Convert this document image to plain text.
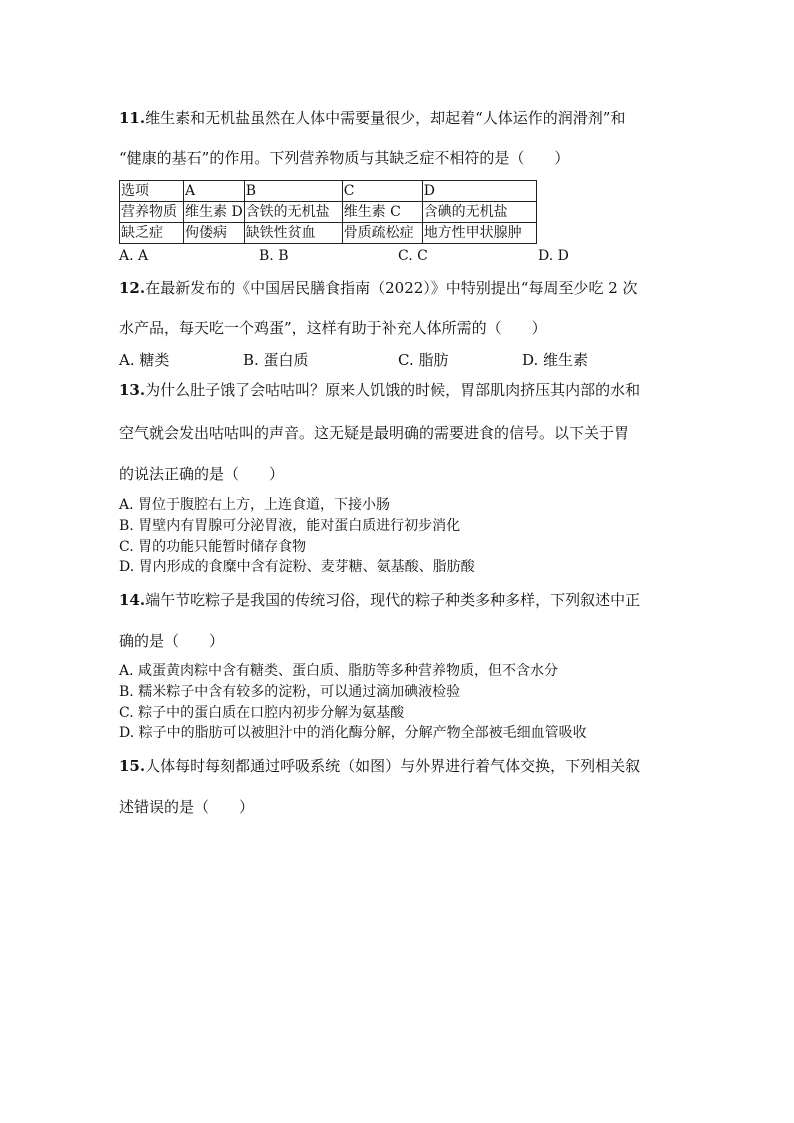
11.维生素和无机盐虽然在人体中需要量很少，却起着“人体运作的润滑剂”和
“健康的基石”的作用。下列营养物质与其缺乏症不相符的是（　　）
选项	A	B	C	D
营养物质	维生素 D	含铁的无机盐	维生素 C	含碘的无机盐
缺乏症	佝偻病	缺铁性贫血	骨质疏松症	地方性甲状腺肿
A. A	B. B	C. C	D. D
12.在最新发布的《中国居民膳食指南（2022）》中特别提出“每周至少吃 2 次
水产品，每天吃一个鸡蛋”，这样有助于补充人体所需的（　　）
A. 糖类	B. 蛋白质	C. 脂肪	D. 维生素
13.为什么肚子饿了会咕咕叫？原来人饥饿的时候，胃部肌肉挤压其内部的水和
空气就会发出咕咕叫的声音。这无疑是最明确的需要进食的信号。以下关于胃
的说法正确的是（　　）
A. 胃位于腹腔右上方，上连食道，下接小肠
B. 胃壁内有胃腺可分泌胃液，能对蛋白质进行初步消化
C. 胃的功能只能暂时储存食物
D. 胃内形成的食糜中含有淀粉、麦芽糖、氨基酸、脂肪酸
14.端午节吃粽子是我国的传统习俗，现代的粽子种类多种多样，下列叙述中正
确的是（　　）
A. 咸蛋黄肉粽中含有糖类、蛋白质、脂肪等多种营养物质，但不含水分
B. 糯米粽子中含有较多的淀粉，可以通过滴加碘液检验
C. 粽子中的蛋白质在口腔内初步分解为氨基酸
D. 粽子中的脂肪可以被胆汁中的消化酶分解，分解产物全部被毛细血管吸收
15.人体每时每刻都通过呼吸系统（如图）与外界进行着气体交换，下列相关叙
述错误的是（　　）
